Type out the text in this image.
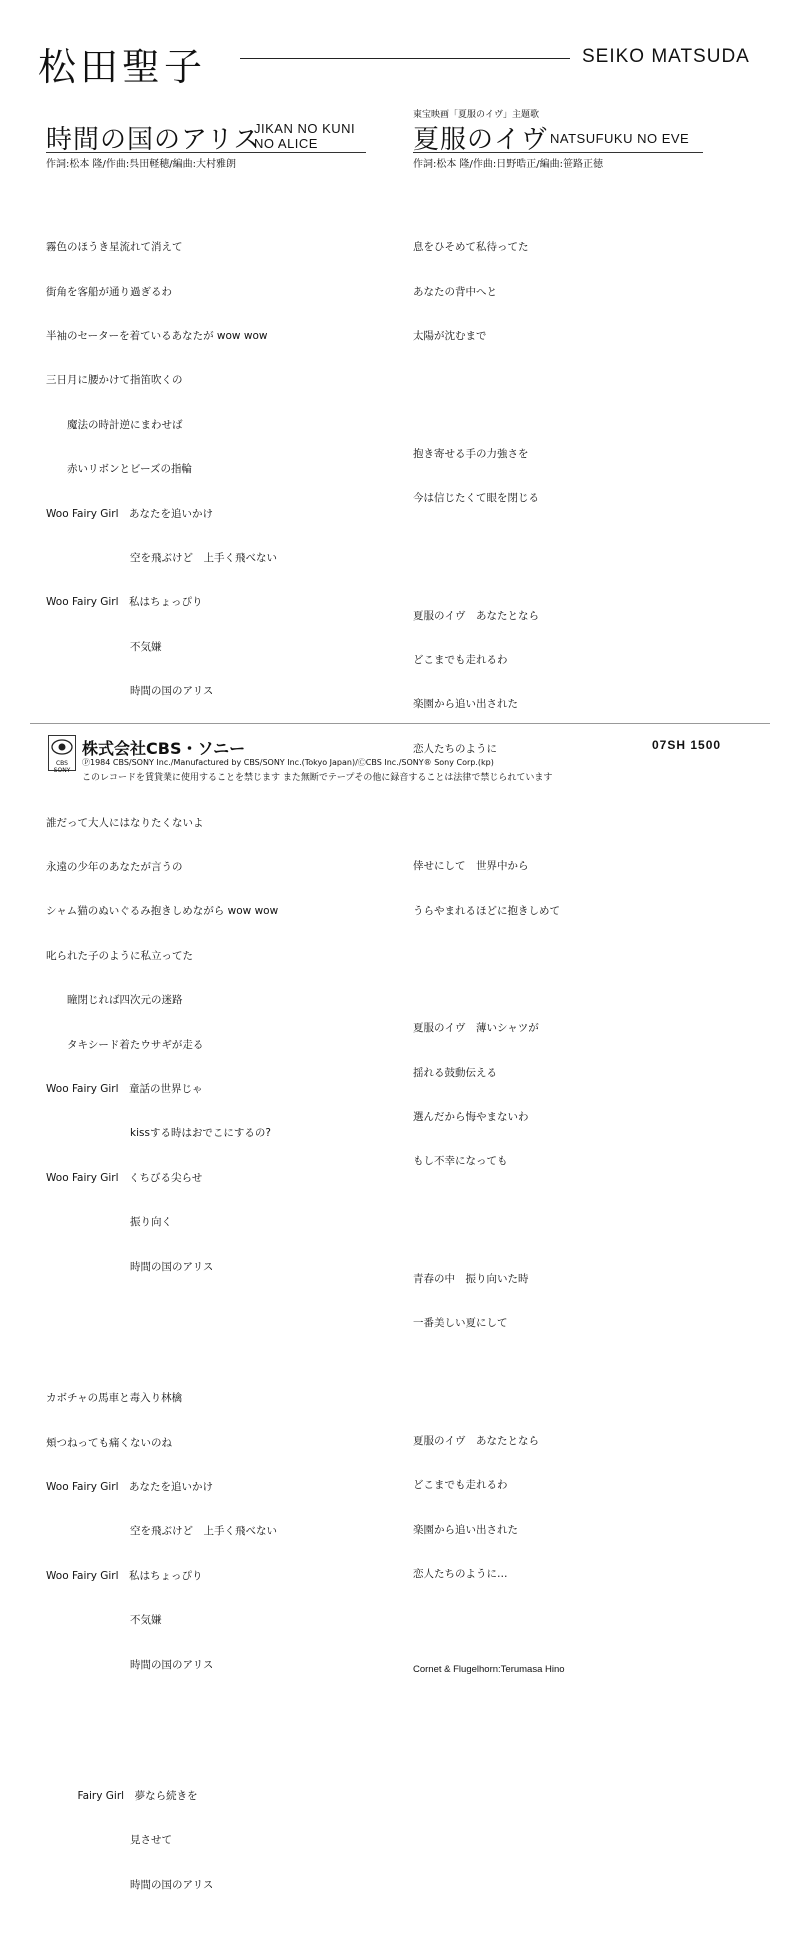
松田聖子	SEIKO MATSUDA
時間の国のアリス
JIKAN NO KUNI
NO ALICE
作詞:松本 隆/作曲:呉田軽穂/編曲:大村雅朗

霧色のほうき星流れて消えて

街角を客船が通り過ぎるわ

半袖のセーターを着ているあなたが wow wow

三日月に腰かけて指笛吹くの

　　魔法の時計逆にまわせば

　　赤いリボンとビーズの指輪

Woo Fairy Girl　あなたを追いかけ

　　　　　　　　空を飛ぶけど　上手く飛べない

Woo Fairy Girl　私はちょっぴり

　　　　　　　　不気嫌

　　　　　　　　時間の国のアリス

誰だって大人にはなりたくないよ

永遠の少年のあなたが言うの

シャム猫のぬいぐるみ抱きしめながら wow wow

叱られた子のように私立ってた

　　瞳閉じれば四次元の迷路

　　タキシード着たウサギが走る

Woo Fairy Girl　童話の世界じゃ

　　　　　　　　kissする時はおでこにするの?

Woo Fairy Girl　くちびる尖らせ

　　　　　　　　振り向く

　　　　　　　　時間の国のアリス

カボチャの馬車と毒入り林檎

頬つねっても痛くないのね

Woo Fairy Girl　あなたを追いかけ

　　　　　　　　空を飛ぶけど　上手く飛べない

Woo Fairy Girl　私はちょっぴり

　　　　　　　　不気嫌

　　　　　　　　時間の国のアリス

　　　Fairy Girl　夢なら続きを

　　　　　　　　見させて

　　　　　　　　時間の国のアリス

東宝映画「夏服のイヴ」主題歌
夏服のイヴ NATSUFUKU NO EVE
作詞:松本 隆/作曲:日野晧正/編曲:笹路正徳

息をひそめて私待ってた

あなたの背中へと

太陽が沈むまで

抱き寄せる手の力強さを

今は信じたくて眼を閉じる

夏服のイヴ　あなたとなら

どこまでも走れるわ

楽園から追い出された

恋人たちのように

倖せにして　世界中から

うらやまれるほどに抱きしめて

夏服のイヴ　薄いシャツが

揺れる鼓動伝える

選んだから悔やまないわ

もし不幸になっても

青春の中　振り向いた時

一番美しい夏にして

夏服のイヴ　あなたとなら

どこまでも走れるわ

楽園から追い出された

恋人たちのように…

Cornet & Flugelhorn:Terumasa Hino

CBS SONY
株式会社CBS・ソニー	07SH 1500
Ⓟ1984 CBS/SONY Inc./Manufactured by CBS/SONY Inc.(Tokyo Japan)/ⒸCBS Inc./SONY® Sony Corp.(kp)
このレコードを賃貸業に使用することを禁じます また無断でテープその他に録音することは法律で禁じられています
